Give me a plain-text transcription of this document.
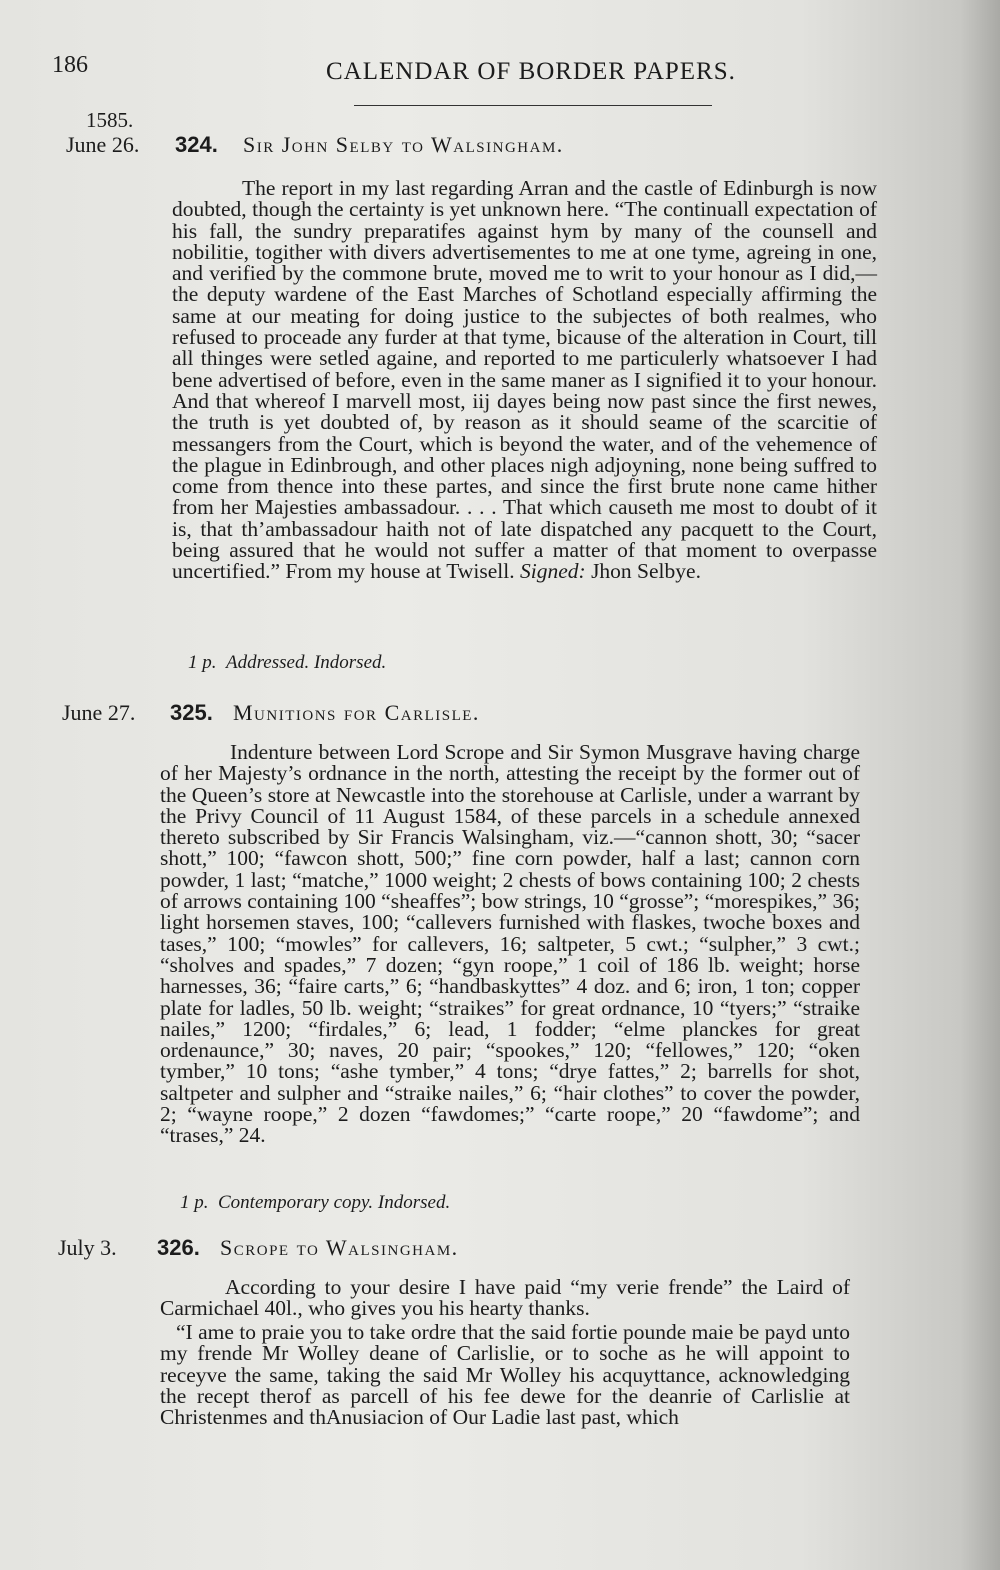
186	CALENDAR OF BORDER PAPERS.
1585.
June 26. 324. Sir John Selby to Walsingham.

The report in my last regarding Arran and the castle of Edinburgh is now doubted, though the certainty is yet unknown here. “The continuall expectation of his fall, the sundry preparatifes against hym by many of the counsell and nobilitie, togither with divers advertisementes to me at one tyme, agreing in one, and verified by the commone brute, moved me to writ to your honour as I did,—the deputy wardene of the East Marches of Schotland especially affirming the same at our meating for doing justice to the subjectes of both realmes, who refused to proceade any furder at that tyme, bicause of the alteration in Court, till all thinges were setled againe, and reported to me particulerly whatsoever I had bene advertised of before, even in the same maner as I signified it to your honour. And that whereof I marvell most, iij dayes being now past since the first newes, the truth is yet doubted of, by reason as it should seame of the scarcitie of messangers from the Court, which is beyond the water, and of the vehemence of the plague in Edinbrough, and other places nigh adjoyning, none being suffred to come from thence into these partes, and since the first brute none came hither from her Majesties ambassadour. . . . That which causeth me most to doubt of it is, that th’ambassadour haith not of late dispatched any pacquett to the Court, being assured that he would not suffer a matter of that moment to overpasse uncertified.” From my house at Twisell. Signed: Jhon Selbye.

1 p. Addressed. Indorsed.
June 27. 325. Munitions for Carlisle.

Indenture between Lord Scrope and Sir Symon Musgrave having charge of her Majesty’s ordnance in the north, attesting the receipt by the former out of the Queen’s store at Newcastle into the storehouse at Carlisle, under a warrant by the Privy Council of 11 August 1584, of these parcels in a schedule annexed thereto subscribed by Sir Francis Walsingham, viz.—“cannon shott, 30; “sacer shott,” 100; “fawcon shott, 500;” fine corn powder, half a last; cannon corn powder, 1 last; “matche,” 1000 weight; 2 chests of bows containing 100; 2 chests of arrows containing 100 “sheaffes”; bow strings, 10 “grosse”; “morespikes,” 36; light horsemen staves, 100; “callevers furnished with flaskes, twoche boxes and tases,” 100; “mowles” for callevers, 16; saltpeter, 5 cwt.; “sulpher,” 3 cwt.; “sholves and spades,” 7 dozen; “gyn roope,” 1 coil of 186 lb. weight; horse harnesses, 36; “faire carts,” 6; “handbaskyttes” 4 doz. and 6; iron, 1 ton; copper plate for ladles, 50 lb. weight; “straikes” for great ordnance, 10 “tyers;” “straike nailes,” 1200; “firdales,” 6; lead, 1 fodder; “elme planckes for great ordenaunce,” 30; naves, 20 pair; “spookes,” 120; “fellowes,” 120; “oken tymber,” 10 tons; “ashe tymber,” 4 tons; “drye fattes,” 2; barrells for shot, saltpeter and sulpher and “straike nailes,” 6; “hair clothes” to cover the powder, 2; “wayne roope,” 2 dozen “fawdomes;” “carte roope,” 20 “fawdome”; and “trases,” 24.

1 p. Contemporary copy. Indorsed.
July 3. 326. Scrope to Walsingham.

According to your desire I have paid “my verie frende” the Laird of Carmichael 40l., who gives you his hearty thanks.

“I ame to praie you to take ordre that the said fortie pounde maie be payd unto my frende Mr Wolley deane of Carlislie, or to soche as he will appoint to receyve the same, taking the said Mr Wolley his acquyttance, acknowledging the recept therof as parcell of his fee dewe for the deanrie of Carlislie at Christenmes and thAnusiacion of Our Ladie last past, which
